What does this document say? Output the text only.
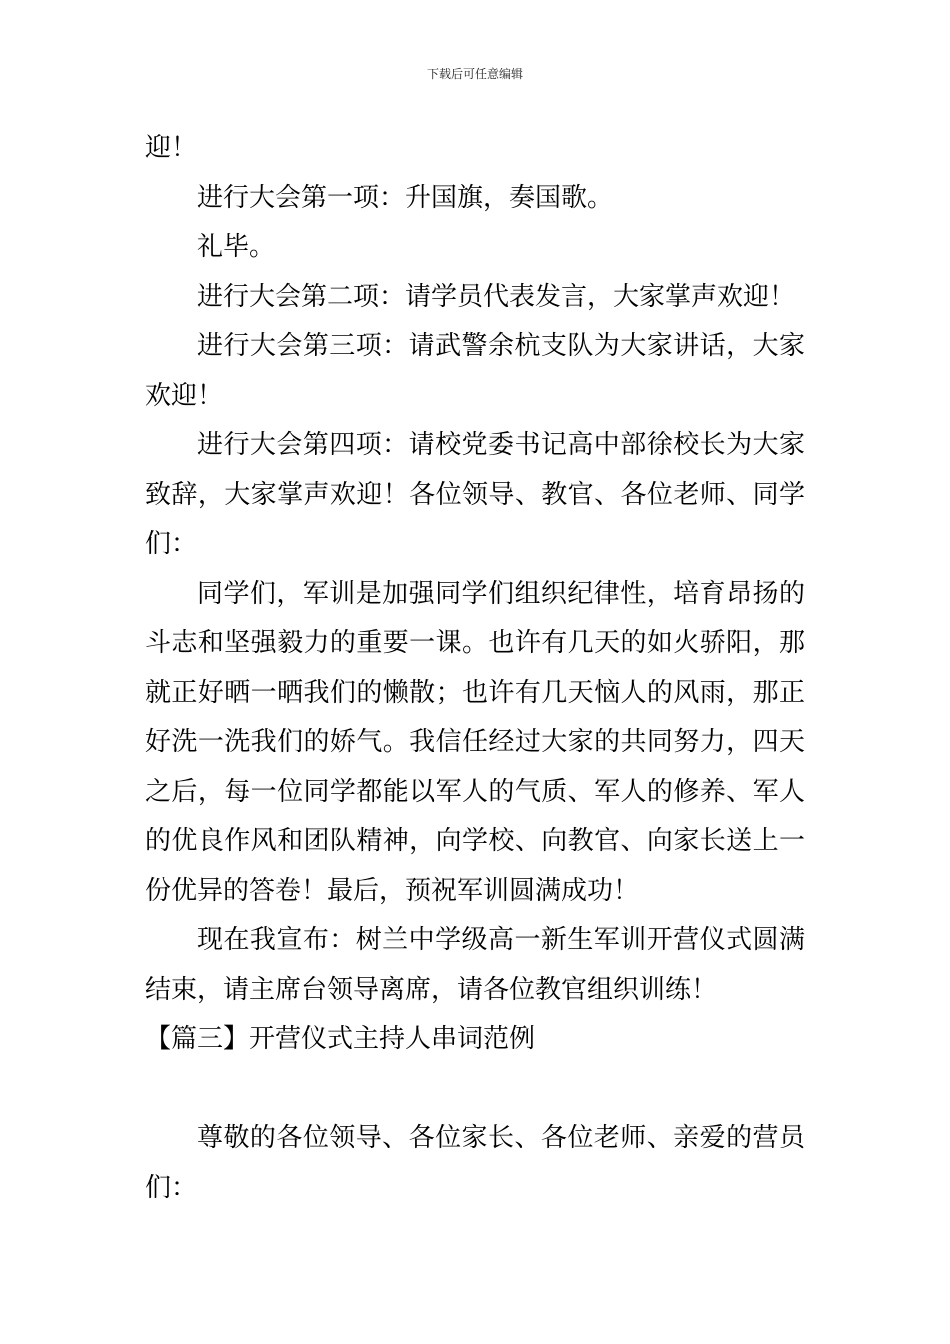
下载后可任意编辑

迎！

进行大会第一项：升国旗，奏国歌。

礼毕。

进行大会第二项：请学员代表发言，大家掌声欢迎！

进行大会第三项：请武警余杭支队为大家讲话，大家欢迎！

进行大会第四项：请校党委书记高中部徐校长为大家致辞，大家掌声欢迎！各位领导、教官、各位老师、同学们：

同学们，军训是加强同学们组织纪律性，培育昂扬的斗志和坚强毅力的重要一课。也许有几天的如火骄阳，那就正好晒一晒我们的懒散；也许有几天恼人的风雨，那正好洗一洗我们的娇气。我信任经过大家的共同努力，四天之后，每一位同学都能以军人的气质、军人的修养、军人的优良作风和团队精神，向学校、向教官、向家长送上一份优异的答卷！最后，预祝军训圆满成功！

现在我宣布：树兰中学级高一新生军训开营仪式圆满结束，请主席台领导离席，请各位教官组织训练！

【篇三】开营仪式主持人串词范例

尊敬的各位领导、各位家长、各位老师、亲爱的营员们：
